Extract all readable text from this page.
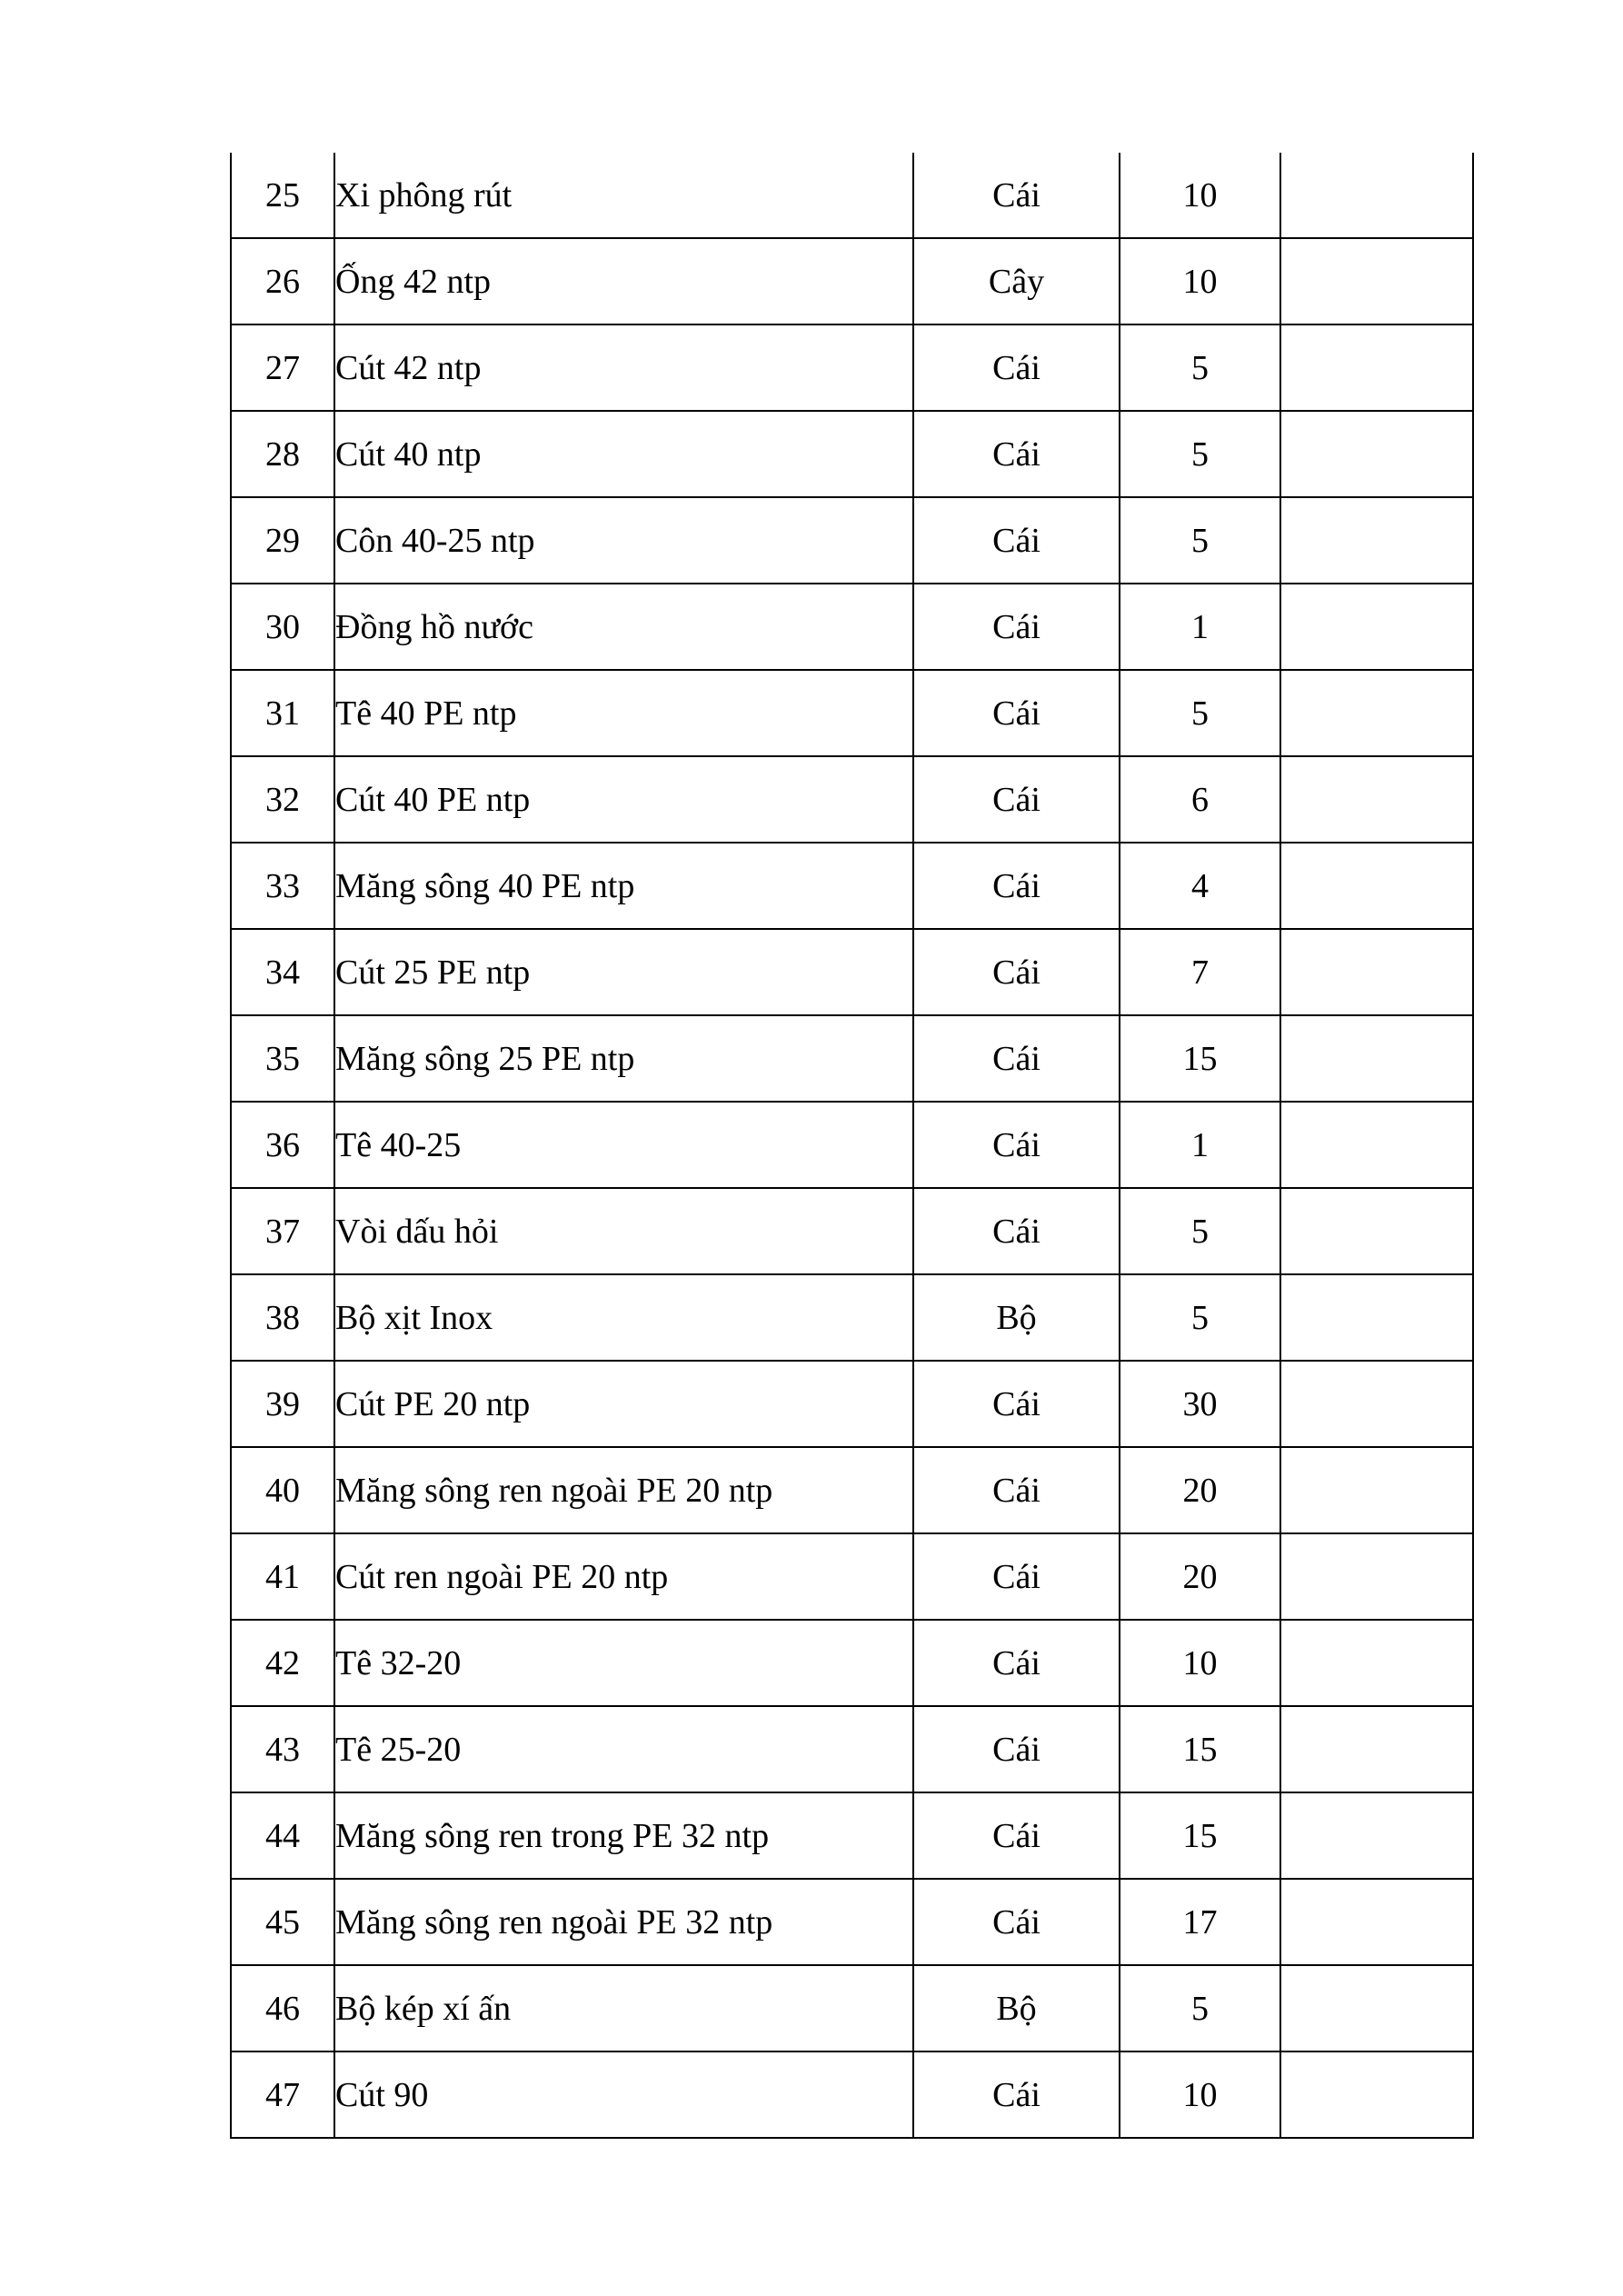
25	Xi phông rút	Cái	10	
26	Ống 42 ntp	Cây	10	
27	Cút 42 ntp	Cái	5	
28	Cút 40 ntp	Cái	5	
29	Côn 40-25 ntp	Cái	5	
30	Đồng hồ nước	Cái	1	
31	Tê 40 PE ntp	Cái	5	
32	Cút 40 PE ntp	Cái	6	
33	Măng sông 40 PE ntp	Cái	4	
34	Cút 25 PE ntp	Cái	7	
35	Măng sông 25 PE ntp	Cái	15	
36	Tê 40-25	Cái	1	
37	Vòi dấu hỏi	Cái	5	
38	Bộ xịt Inox	Bộ	5	
39	Cút PE 20 ntp	Cái	30	
40	Măng sông ren ngoài PE 20 ntp	Cái	20	
41	Cút ren ngoài PE 20 ntp	Cái	20	
42	Tê 32-20	Cái	10	
43	Tê 25-20	Cái	15	
44	Măng sông ren trong PE 32 ntp	Cái	15	
45	Măng sông ren ngoài PE 32 ntp	Cái	17	
46	Bộ kép xí ấn	Bộ	5	
47	Cút 90	Cái	10	
